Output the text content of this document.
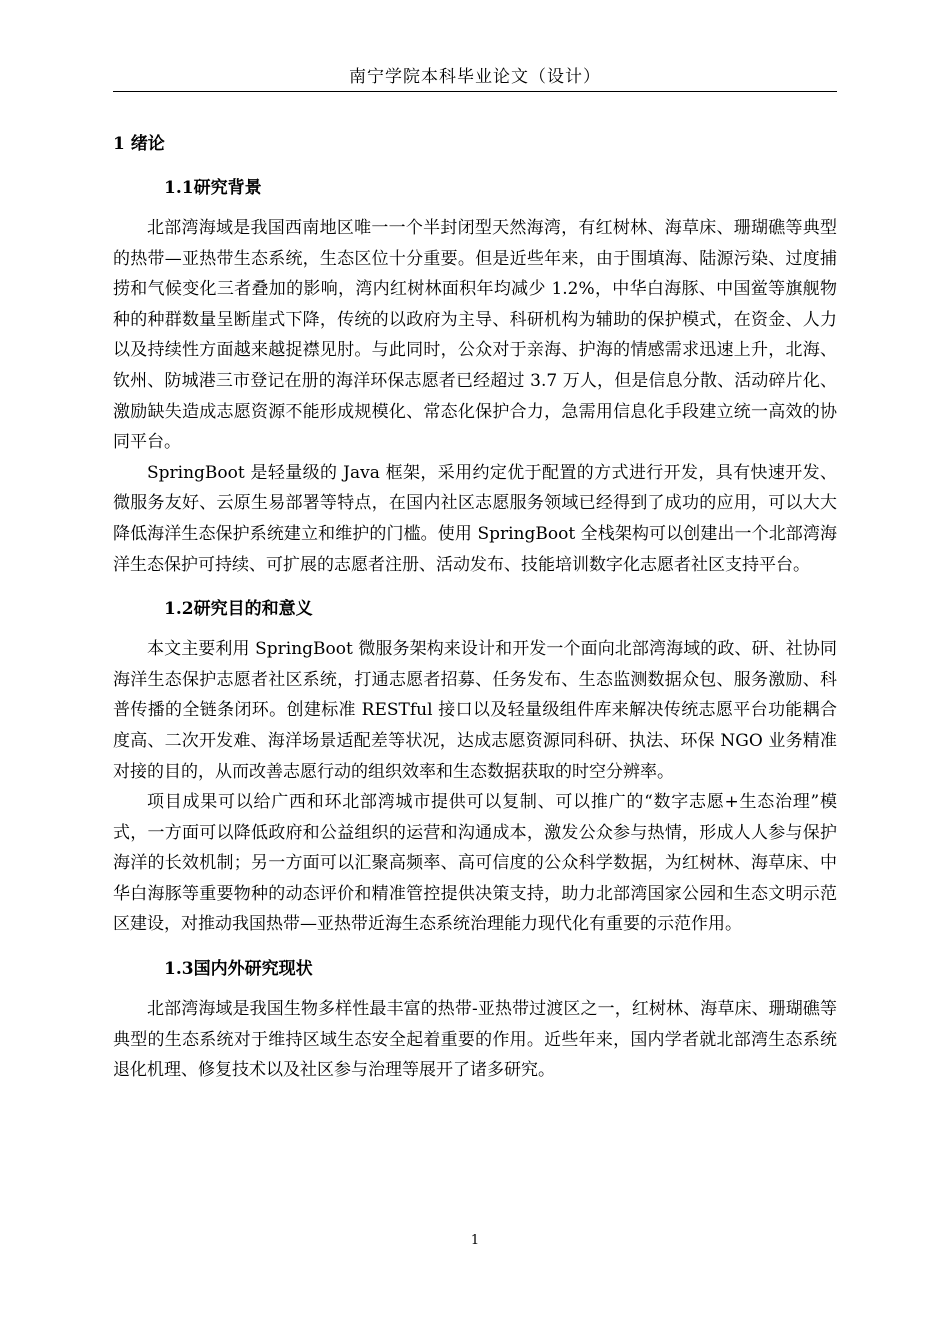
南宁学院本科毕业论文（设计）
1 绪论
1.1研究背景

北部湾海域是我国西南地区唯一一个半封闭型天然海湾，有红树林、海草床、珊瑚礁等典型的热带—亚热带生态系统，生态区位十分重要。但是近些年来，由于围填海、陆源污染、过度捕捞和气候变化三者叠加的影响，湾内红树林面积年均减少 1.2%，中华白海豚、中国鲎等旗舰物种的种群数量呈断崖式下降，传统的以政府为主导、科研机构为辅助的保护模式，在资金、人力以及持续性方面越来越捉襟见肘。与此同时，公众对于亲海、护海的情感需求迅速上升，北海、钦州、防城港三市登记在册的海洋环保志愿者已经超过 3.7 万人，但是信息分散、活动碎片化、激励缺失造成志愿资源不能形成规模化、常态化保护合力，急需用信息化手段建立统一高效的协同平台。

SpringBoot 是轻量级的 Java 框架，采用约定优于配置的方式进行开发，具有快速开发、微服务友好、云原生易部署等特点，在国内社区志愿服务领域已经得到了成功的应用，可以大大降低海洋生态保护系统建立和维护的门槛。使用 SpringBoot 全栈架构可以创建出一个北部湾海洋生态保护可持续、可扩展的志愿者注册、活动发布、技能培训数字化志愿者社区支持平台。

1.2研究目的和意义

本文主要利用 SpringBoot 微服务架构来设计和开发一个面向北部湾海域的政、研、社协同海洋生态保护志愿者社区系统，打通志愿者招募、任务发布、生态监测数据众包、服务激励、科普传播的全链条闭环。创建标准 RESTful 接口以及轻量级组件库来解决传统志愿平台功能耦合度高、二次开发难、海洋场景适配差等状况，达成志愿资源同科研、执法、环保 NGO 业务精准对接的目的，从而改善志愿行动的组织效率和生态数据获取的时空分辨率。

项目成果可以给广西和环北部湾城市提供可以复制、可以推广的“数字志愿+生态治理”模式，一方面可以降低政府和公益组织的运营和沟通成本，激发公众参与热情，形成人人参与保护海洋的长效机制；另一方面可以汇聚高频率、高可信度的公众科学数据，为红树林、海草床、中华白海豚等重要物种的动态评价和精准管控提供决策支持，助力北部湾国家公园和生态文明示范区建设，对推动我国热带—亚热带近海生态系统治理能力现代化有重要的示范作用。

1.3国内外研究现状

北部湾海域是我国生物多样性最丰富的热带-亚热带过渡区之一，红树林、海草床、珊瑚礁等典型的生态系统对于维持区域生态安全起着重要的作用。近些年来，国内学者就北部湾生态系统退化机理、修复技术以及社区参与治理等展开了诸多研究。

1
